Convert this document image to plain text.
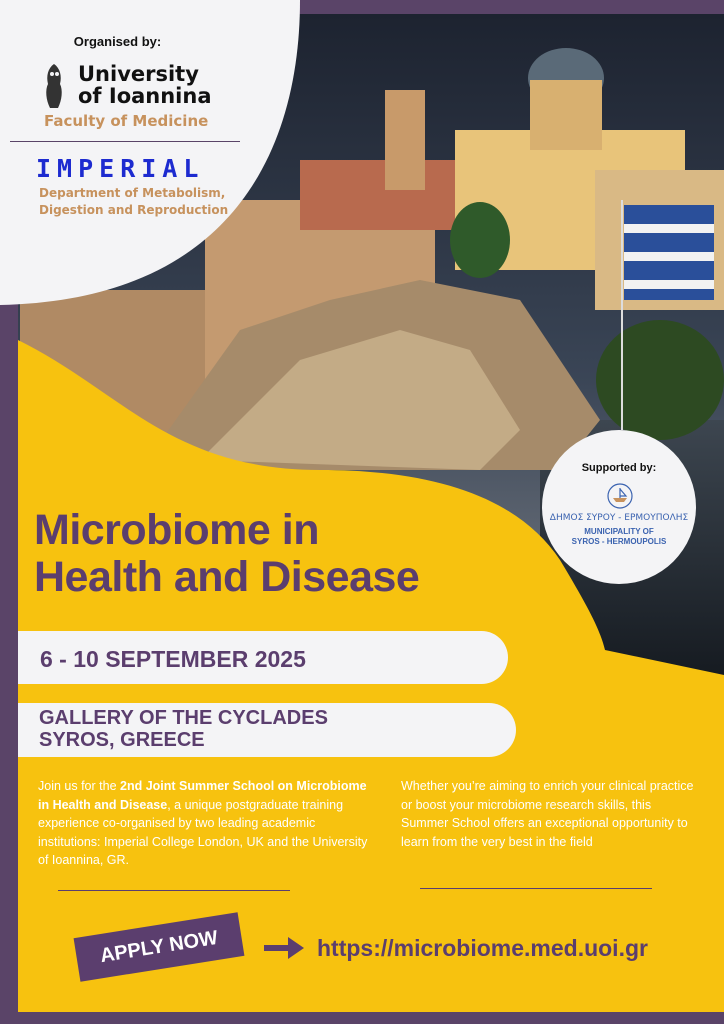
Organised by:
University
of Ioannina
Faculty of Medicine
IMPERIAL
Department of Metabolism,
Digestion and Reproduction
Supported by:
ΔΗΜΟΣ ΣΥΡΟΥ - ΕΡΜΟΥΠΟΛΗΣ
MUNICIPALITY OF
SYROS - HERMOUPOLIS
Microbiome in
Health and Disease
6 - 10 SEPTEMBER 2025
GALLERY OF THE CYCLADES
SYROS, GREECE
Join us for the 2nd Joint Summer School on Microbiome in Health and Disease, a unique postgraduate training experience co-organised by two leading academic institutions: Imperial College London, UK and the University of Ioannina, GR.
Whether you’re aiming to enrich your clinical practice or boost your microbiome research skills, this Summer School offers an exceptional opportunity to learn from the very best in the field
APPLY NOW	https://microbiome.med.uoi.gr
